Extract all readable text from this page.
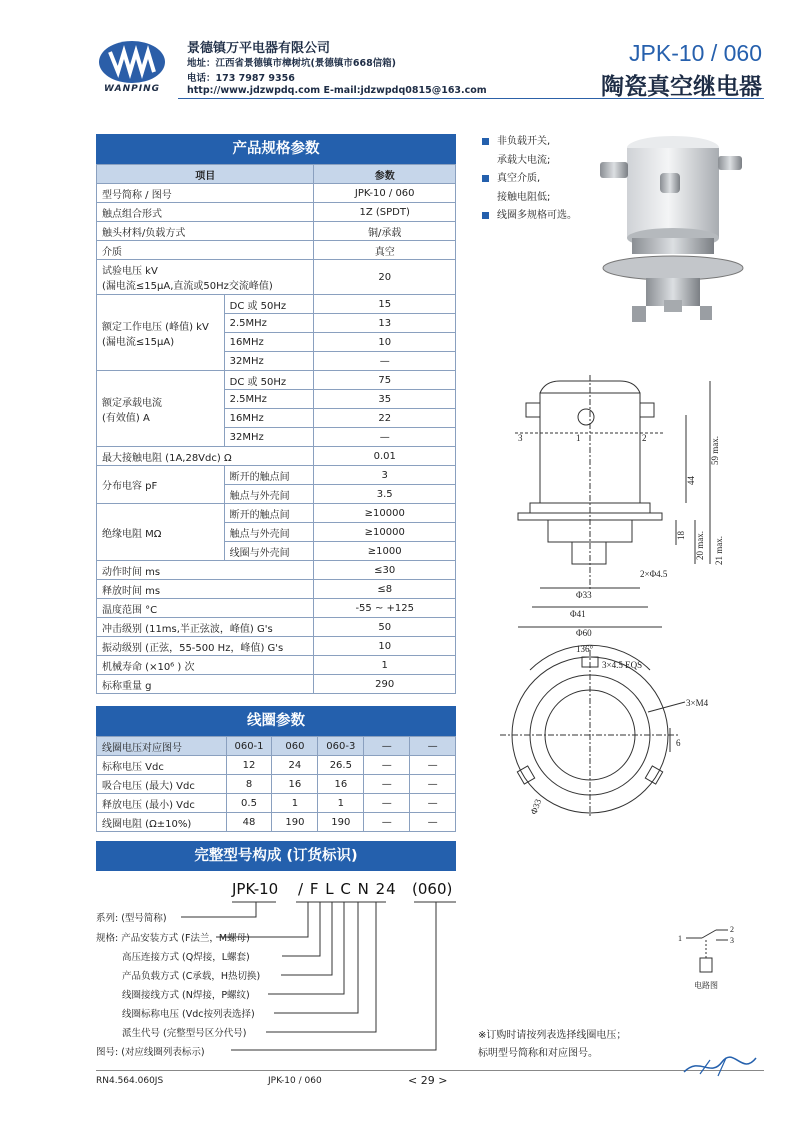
WANPING
景德镇万平电器有限公司
地址：江西省景德镇市樟树坑(景德镇市668信箱)
电话：173 7987 9356
http://www.jdzwpdq.com E-mail:jdzwpdq0815@163.com
JPK-10 / 060
陶瓷真空继电器
产品规格参数
项目		参数
型号简称 / 图号		JPK-10 / 060
触点组合形式		1Z (SPDT)
触头材料/负载方式		铜/承载
介质		真空

试验电压 kV
(漏电流≤15μA,直流或50Hz交流峰值)		20

额定工作电压 (峰值) kV
(漏电流≤15μA)	DC 或 50Hz	15
	2.5MHz	13
	16MHz	10
	32MHz	—

额定承载电流
(有效值) A	DC 或 50Hz	75
	2.5MHz	35
	16MHz	22
	32MHz	—
最大接触电阻 (1A,28Vdc) Ω		0.01
分布电容 pF	断开的触点间	3
	触点与外壳间	3.5
绝缘电阻 MΩ	断开的触点间	≥10000
	触点与外壳间	≥10000
	线圈与外壳间	≥1000
动作时间 ms		≤30
释放时间 ms		≤8
温度范围 °C		-55 ~ +125
冲击级别 (11ms,半正弦波，峰值) G's		50
振动级别 (正弦，55-500 Hz，峰值) G's		10
机械寿命 (×10⁶ ) 次		1
标称重量 g		290
线圈参数
线圈电压对应图号	060-1	060	060-3	—	—
标称电压 Vdc	12	24	26.5	—	—
吸合电压 (最大) Vdc	8	16	16	—	—
释放电压 (最小) Vdc	0.5	1	1	—	—
线圈电阻 (Ω±10%)	48	190	190	—	—
完整型号构成 (订货标识)
JPK-10 / F L C N 24 (060)
系列: (型号简称)
规格: 产品安装方式 (F法兰，M螺母)
高压连接方式 (Q焊接，L螺套)
产品负载方式 (C承载，H热切换)
线圈接线方式 (N焊接，P螺纹)
线圈标称电压 (Vdc按列表选择)
派生代号 (完整型号区分代号)
图号: (对应线圈列表标示)
※订购时请按列表选择线圈电压；
标明型号简称和对应图号。
非负载开关,
承载大电流;
真空介质,
接触电阻低;
线圈多规格可选。
3	1	2
2×Φ4.5
Φ33
Φ41
Φ60
59 max.
44
18 20 max. 21 max.
136°
3×4.5 EQS
3×M4
6
Φ33
1
2
3
电路图
RN4.564.060JS	JPK-10 / 060	< 29 >
